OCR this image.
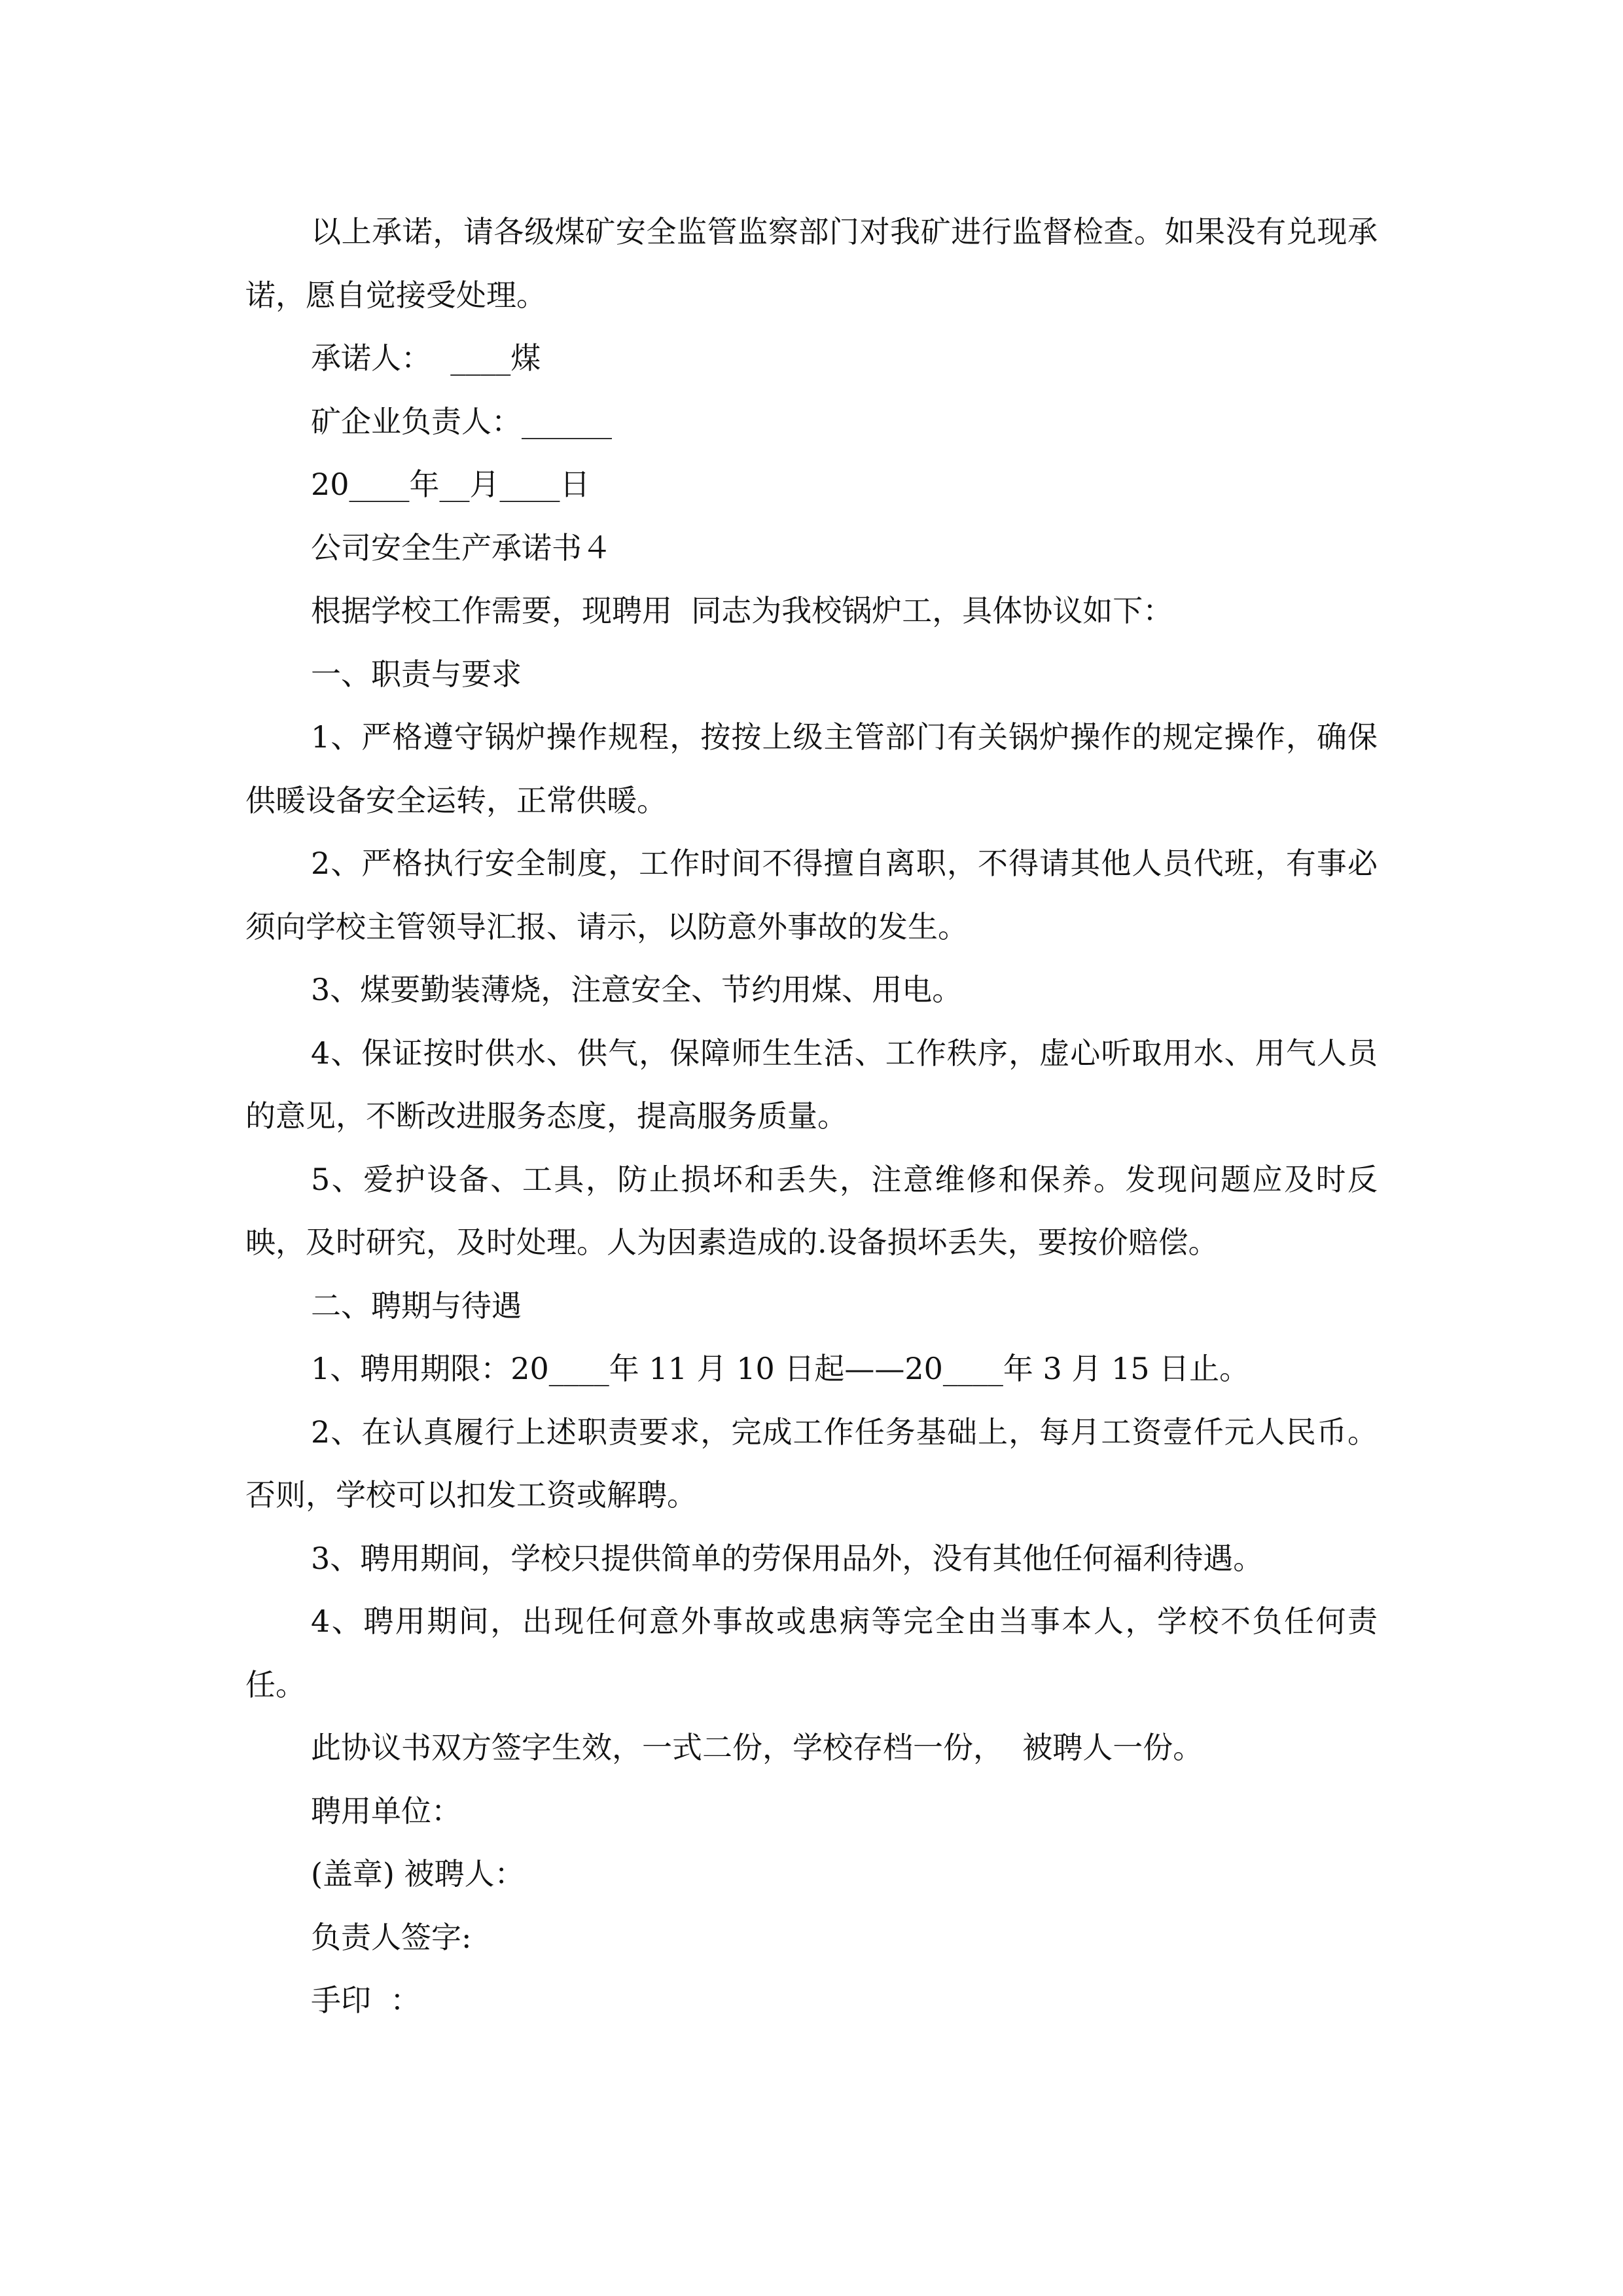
以上承诺，请各级煤矿安全监管监察部门对我矿进行监督检查。如果没有兑现承诺，愿自觉接受处理。

承诺人：  ____煤

矿企业负责人：______

20____年__月____日

公司安全生产承诺书４

根据学校工作需要，现聘用  同志为我校锅炉工，具体协议如下：

一、职责与要求

1、严格遵守锅炉操作规程，按按上级主管部门有关锅炉操作的规定操作，确保供暖设备安全运转，正常供暖。

2、严格执行安全制度，工作时间不得擅自离职，不得请其他人员代班，有事必须向学校主管领导汇报、请示，以防意外事故的发生。

3、煤要勤装薄烧，注意安全、节约用煤、用电。

4、保证按时供水、供气，保障师生生活、工作秩序，虚心听取用水、用气人员的意见，不断改进服务态度，提高服务质量。

5、爱护设备、工具，防止损坏和丢失，注意维修和保养。发现问题应及时反映，及时研究，及时处理。人为因素造成的.设备损坏丢失，要按价赔偿。

二、聘期与待遇

1、聘用期限：20____年 11 月 10 日起——20____年 3 月 15 日止。

2、在认真履行上述职责要求，完成工作任务基础上，每月工资壹仟元人民币。否则，学校可以扣发工资或解聘。

3、聘用期间，学校只提供简单的劳保用品外，没有其他任何福利待遇。

4、聘用期间，出现任何意外事故或患病等完全由当事本人，学校不负任何责任。

此协议书双方签字生效，一式二份，学校存档一份，  被聘人一份。

聘用单位：

(盖章) 被聘人：

负责人签字:

手印  ：
